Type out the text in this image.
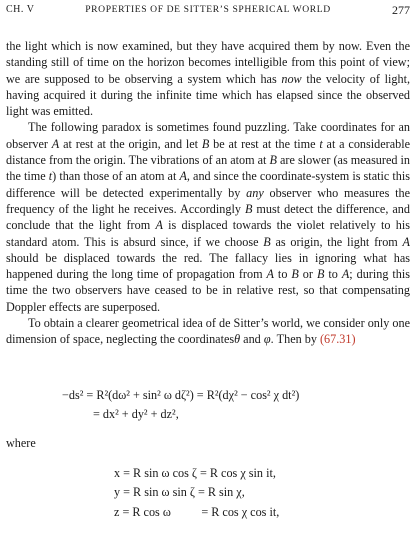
CH. V	PROPERTIES OF DE SITTER’S SPHERICAL WORLD	277

the light which is now examined, but they have acquired them by now. Even the standing still of time on the horizon becomes intelligible from this point of view; we are supposed to be observing a system which has now the velocity of light, having acquired it during the infinite time which has elapsed since the observed light was emitted.

The following paradox is sometimes found puzzling. Take coordinates for an observer A at rest at the origin, and let B be at rest at the time t at a considerable distance from the origin. The vibrations of an atom at B are slower (as measured in the time t) than those of an atom at A, and since the coordinate-system is static this difference will be detected experimentally by any observer who measures the frequency of the light he receives. Accordingly B must detect the difference, and conclude that the light from A is displaced towards the violet relatively to his standard atom. This is absurd since, if we choose B as origin, the light from A should be displaced towards the red. The fallacy lies in ignoring what has happened during the long time of propagation from A to B or B to A; during this time the two observers have ceased to be in relative rest, so that compensating Doppler effects are superposed.

To obtain a clearer geometrical idea of de Sitter’s world, we consider only one dimension of space, neglecting the coordinatesθ and φ. Then by (67.31)

−ds² = R²(dω² + sin² ω dζ²) = R²(dχ² − cos² χ dt²)
= dx² + dy² + dz²,
where
x = R sin ω cos ζ = R cos χ sin it,
y = R sin ω sin ζ = R sin χ,
z = R cos ω          = R cos χ cos it,
